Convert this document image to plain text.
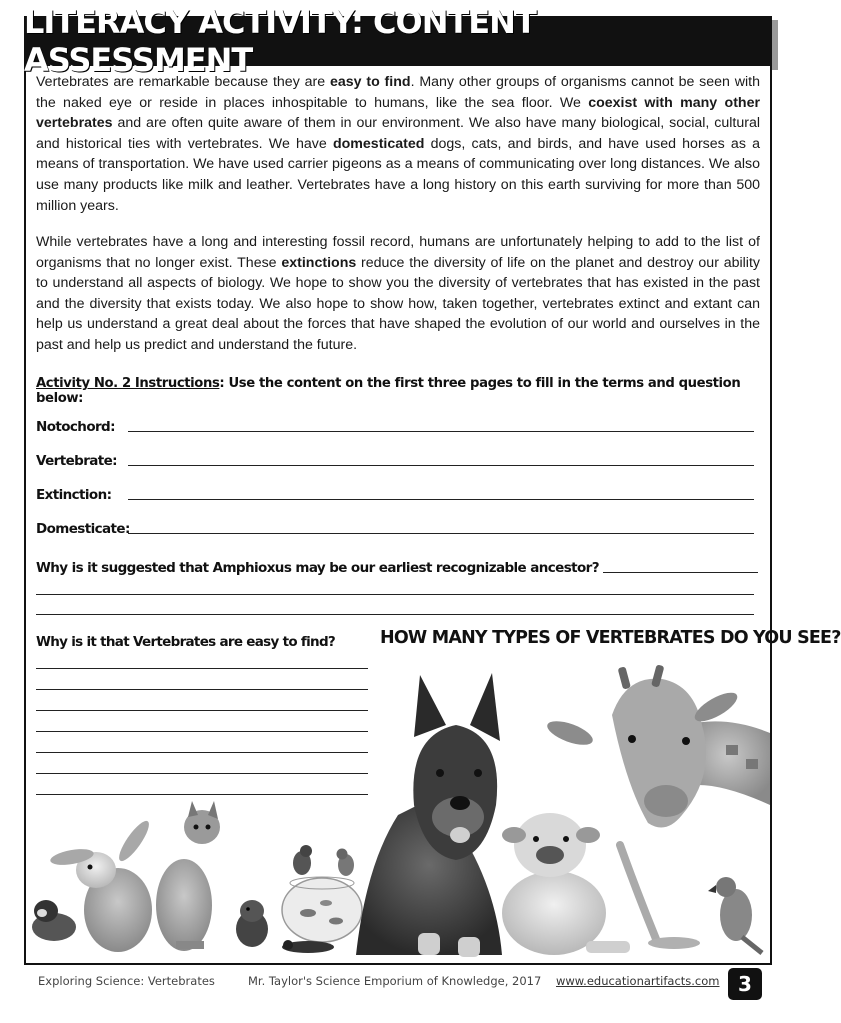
LITERACY ACTIVITY: CONTENT ASSESSMENT

Vertebrates are remarkable because they are easy to find. Many other groups of organisms cannot be seen with the naked eye or reside in places inhospitable to humans, like the sea floor. We coexist with many other vertebrates and are often quite aware of them in our environment. We also have many biological, social, cultural and historical ties with vertebrates. We have domesticated dogs, cats, and birds, and have used horses as a means of transportation. We have used carrier pigeons as a means of communicating over long distances. We also use many products like milk and leather. Vertebrates have a long history on this earth surviving for more than 500 million years.

While vertebrates have a long and interesting fossil record, humans are unfortunately helping to add to the list of organisms that no longer exist. These extinctions reduce the diversity of life on the planet and destroy our ability to understand all aspects of biology. We hope to show you the diversity of vertebrates that has existed in the past and the diversity that exists today. We also hope to show how, taken together, vertebrates extinct and extant can help us understand a great deal about the forces that have shaped the evolution of our world and ourselves in the past and help us predict and understand the future.

Activity No. 2 Instructions: Use the content on the first three pages to fill in the terms and question below:
Notochord:
Vertebrate:
Extinction:
Domesticate:
Why is it suggested that Amphioxus may be our earliest recognizable ancestor?
Why is it that Vertebrates are easy to find?	HOW MANY TYPES OF VERTEBRATES DO YOU SEE?
Exploring Science: Vertebrates	Mr. Taylor's Science Emporium of Knowledge, 2017 www.educationartifacts.com 3
